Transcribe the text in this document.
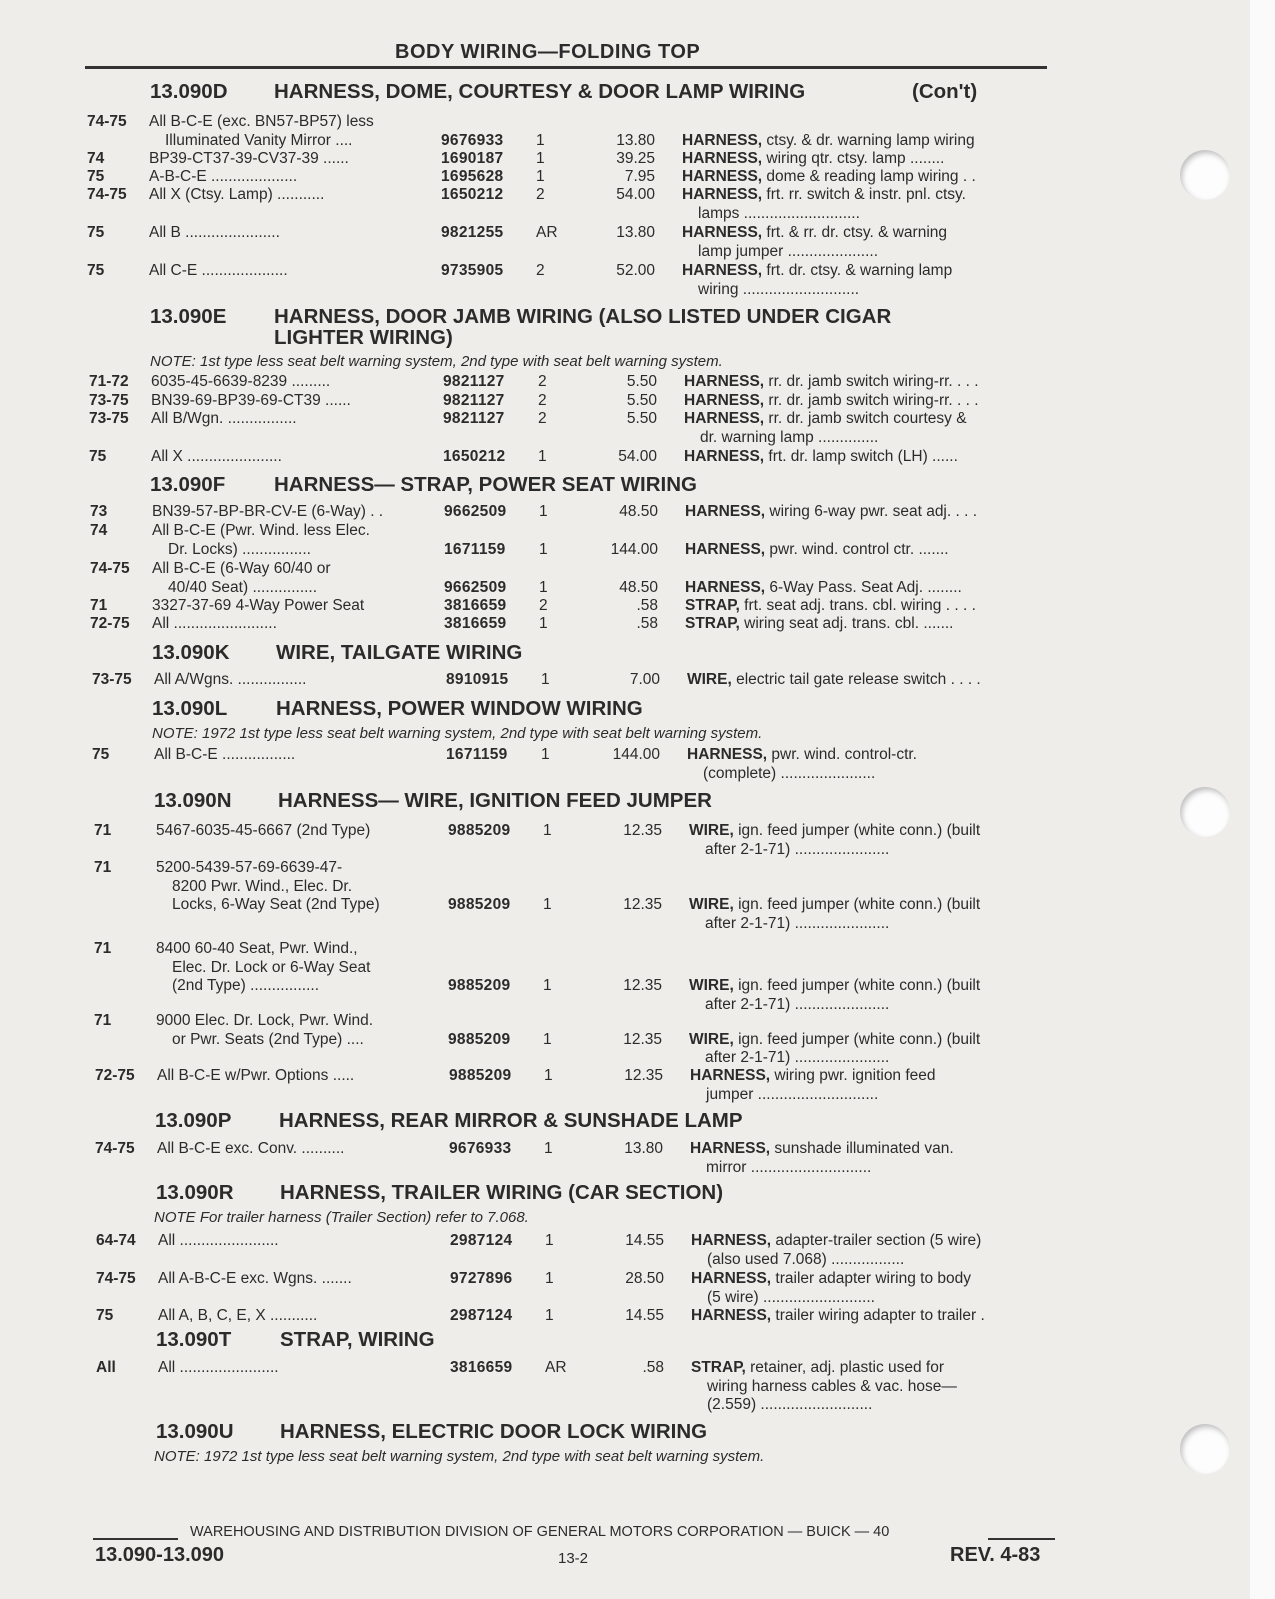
BODY WIRING—FOLDING TOP
13.090D HARNESS, DOME, COURTESY & DOOR LAMP WIRING	(Con't)
13.090E HARNESS, DOOR JAMB WIRING (ALSO LISTED UNDER CIGAR
LIGHTER WIRING)
NOTE: 1st type less seat belt warning system, 2nd type with seat belt warning system.
13.090F HARNESS— STRAP, POWER SEAT WIRING
13.090K WIRE, TAILGATE WIRING
13.090L HARNESS, POWER WINDOW WIRING
NOTE: 1972 1st type less seat belt warning system, 2nd type with seat belt warning system.
13.090N HARNESS— WIRE, IGNITION FEED JUMPER
13.090P HARNESS, REAR MIRROR & SUNSHADE LAMP
13.090R HARNESS, TRAILER WIRING (CAR SECTION)
NOTE For trailer harness (Trailer Section) refer to 7.068.
13.090T STRAP, WIRING
13.090U HARNESS, ELECTRIC DOOR LOCK WIRING
NOTE: 1972 1st type less seat belt warning system, 2nd type with seat belt warning system.
74-75 All B-C-E (exc. BN57-BP57) less
Illuminated Vanity Mirror ....	9676933 1	13.80 HARNESS, ctsy. & dr. warning lamp wiring
74	BP39-CT37-39-CV37-39 ......	1690187 1	39.25 HARNESS, wiring qtr. ctsy. lamp ........
75	A-B-C-E ....................	1695628 1	7.95 HARNESS, dome & reading lamp wiring . .
74-75 All X (Ctsy. Lamp) ...........	1650212 2	54.00 HARNESS, frt. rr. switch & instr. pnl. ctsy.
lamps ...........................
75	All B ......................	9821255 AR	13.80 HARNESS, frt. & rr. dr. ctsy. & warning
lamp jumper .....................
75	All C-E ....................	9735905 2	52.00 HARNESS, frt. dr. ctsy. & warning lamp
wiring ...........................
71-72 6035-45-6639-8239 .........	9821127 2	5.50 HARNESS, rr. dr. jamb switch wiring-rr. . . .
73-75 BN39-69-BP39-69-CT39 ......	9821127 2	5.50 HARNESS, rr. dr. jamb switch wiring-rr. . . .
73-75 All B/Wgn. ................	9821127 2	5.50 HARNESS, rr. dr. jamb switch courtesy &
dr. warning lamp ..............
75	All X ......................	1650212 1	54.00 HARNESS, frt. dr. lamp switch (LH) ......
73	BN39-57-BP-BR-CV-E (6-Way) . .	9662509 1	48.50 HARNESS, wiring 6-way pwr. seat adj. . . .
74	All B-C-E (Pwr. Wind. less Elec.
Dr. Locks) ................	1671159 1	144.00 HARNESS, pwr. wind. control ctr. .......
74-75 All B-C-E (6-Way 60/40 or
40/40 Seat) ...............	9662509 1	48.50 HARNESS, 6-Way Pass. Seat Adj. ........
71	3327-37-69 4-Way Power Seat	3816659 2	.58 STRAP, frt. seat adj. trans. cbl. wiring . . . .
72-75 All ........................	3816659 1	.58 STRAP, wiring seat adj. trans. cbl. .......
73-75 All A/Wgns. ................	8910915 1	7.00 WIRE, electric tail gate release switch . . . .
75	All B-C-E .................	1671159 1	144.00 HARNESS, pwr. wind. control-ctr.
(complete) ......................
71	5467-6035-45-6667 (2nd Type)	9885209 1	12.35 WIRE, ign. feed jumper (white conn.) (built
after 2-1-71) ......................
71	5200-5439-57-69-6639-47-
8200 Pwr. Wind., Elec. Dr.
Locks, 6-Way Seat (2nd Type)	9885209 1	12.35 WIRE, ign. feed jumper (white conn.) (built
after 2-1-71) ......................
71	8400 60-40 Seat, Pwr. Wind.,
Elec. Dr. Lock or 6-Way Seat
(2nd Type) ................	9885209 1	12.35 WIRE, ign. feed jumper (white conn.) (built
after 2-1-71) ......................
71	9000 Elec. Dr. Lock, Pwr. Wind.
or Pwr. Seats (2nd Type) ....	9885209 1	12.35 WIRE, ign. feed jumper (white conn.) (built
after 2-1-71) ......................
72-75 All B-C-E w/Pwr. Options .....	9885209 1	12.35 HARNESS, wiring pwr. ignition feed
jumper ............................
74-75 All B-C-E exc. Conv. ..........	9676933 1	13.80 HARNESS, sunshade illuminated van.
mirror ............................
64-74 All .......................	2987124 1	14.55 HARNESS, adapter-trailer section (5 wire)
(also used 7.068) .................
74-75 All A-B-C-E exc. Wgns. .......	9727896 1	28.50 HARNESS, trailer adapter wiring to body
(5 wire) ..........................
75	All A, B, C, E, X ...........	2987124 1	14.55 HARNESS, trailer wiring adapter to trailer .
All	All .......................	3816659 AR	.58 STRAP, retainer, adj. plastic used for
wiring harness cables & vac. hose—
(2.559) ..........................
WAREHOUSING AND DISTRIBUTION DIVISION OF GENERAL MOTORS CORPORATION — BUICK — 40
13.090-13.090	13-2	REV. 4-83
